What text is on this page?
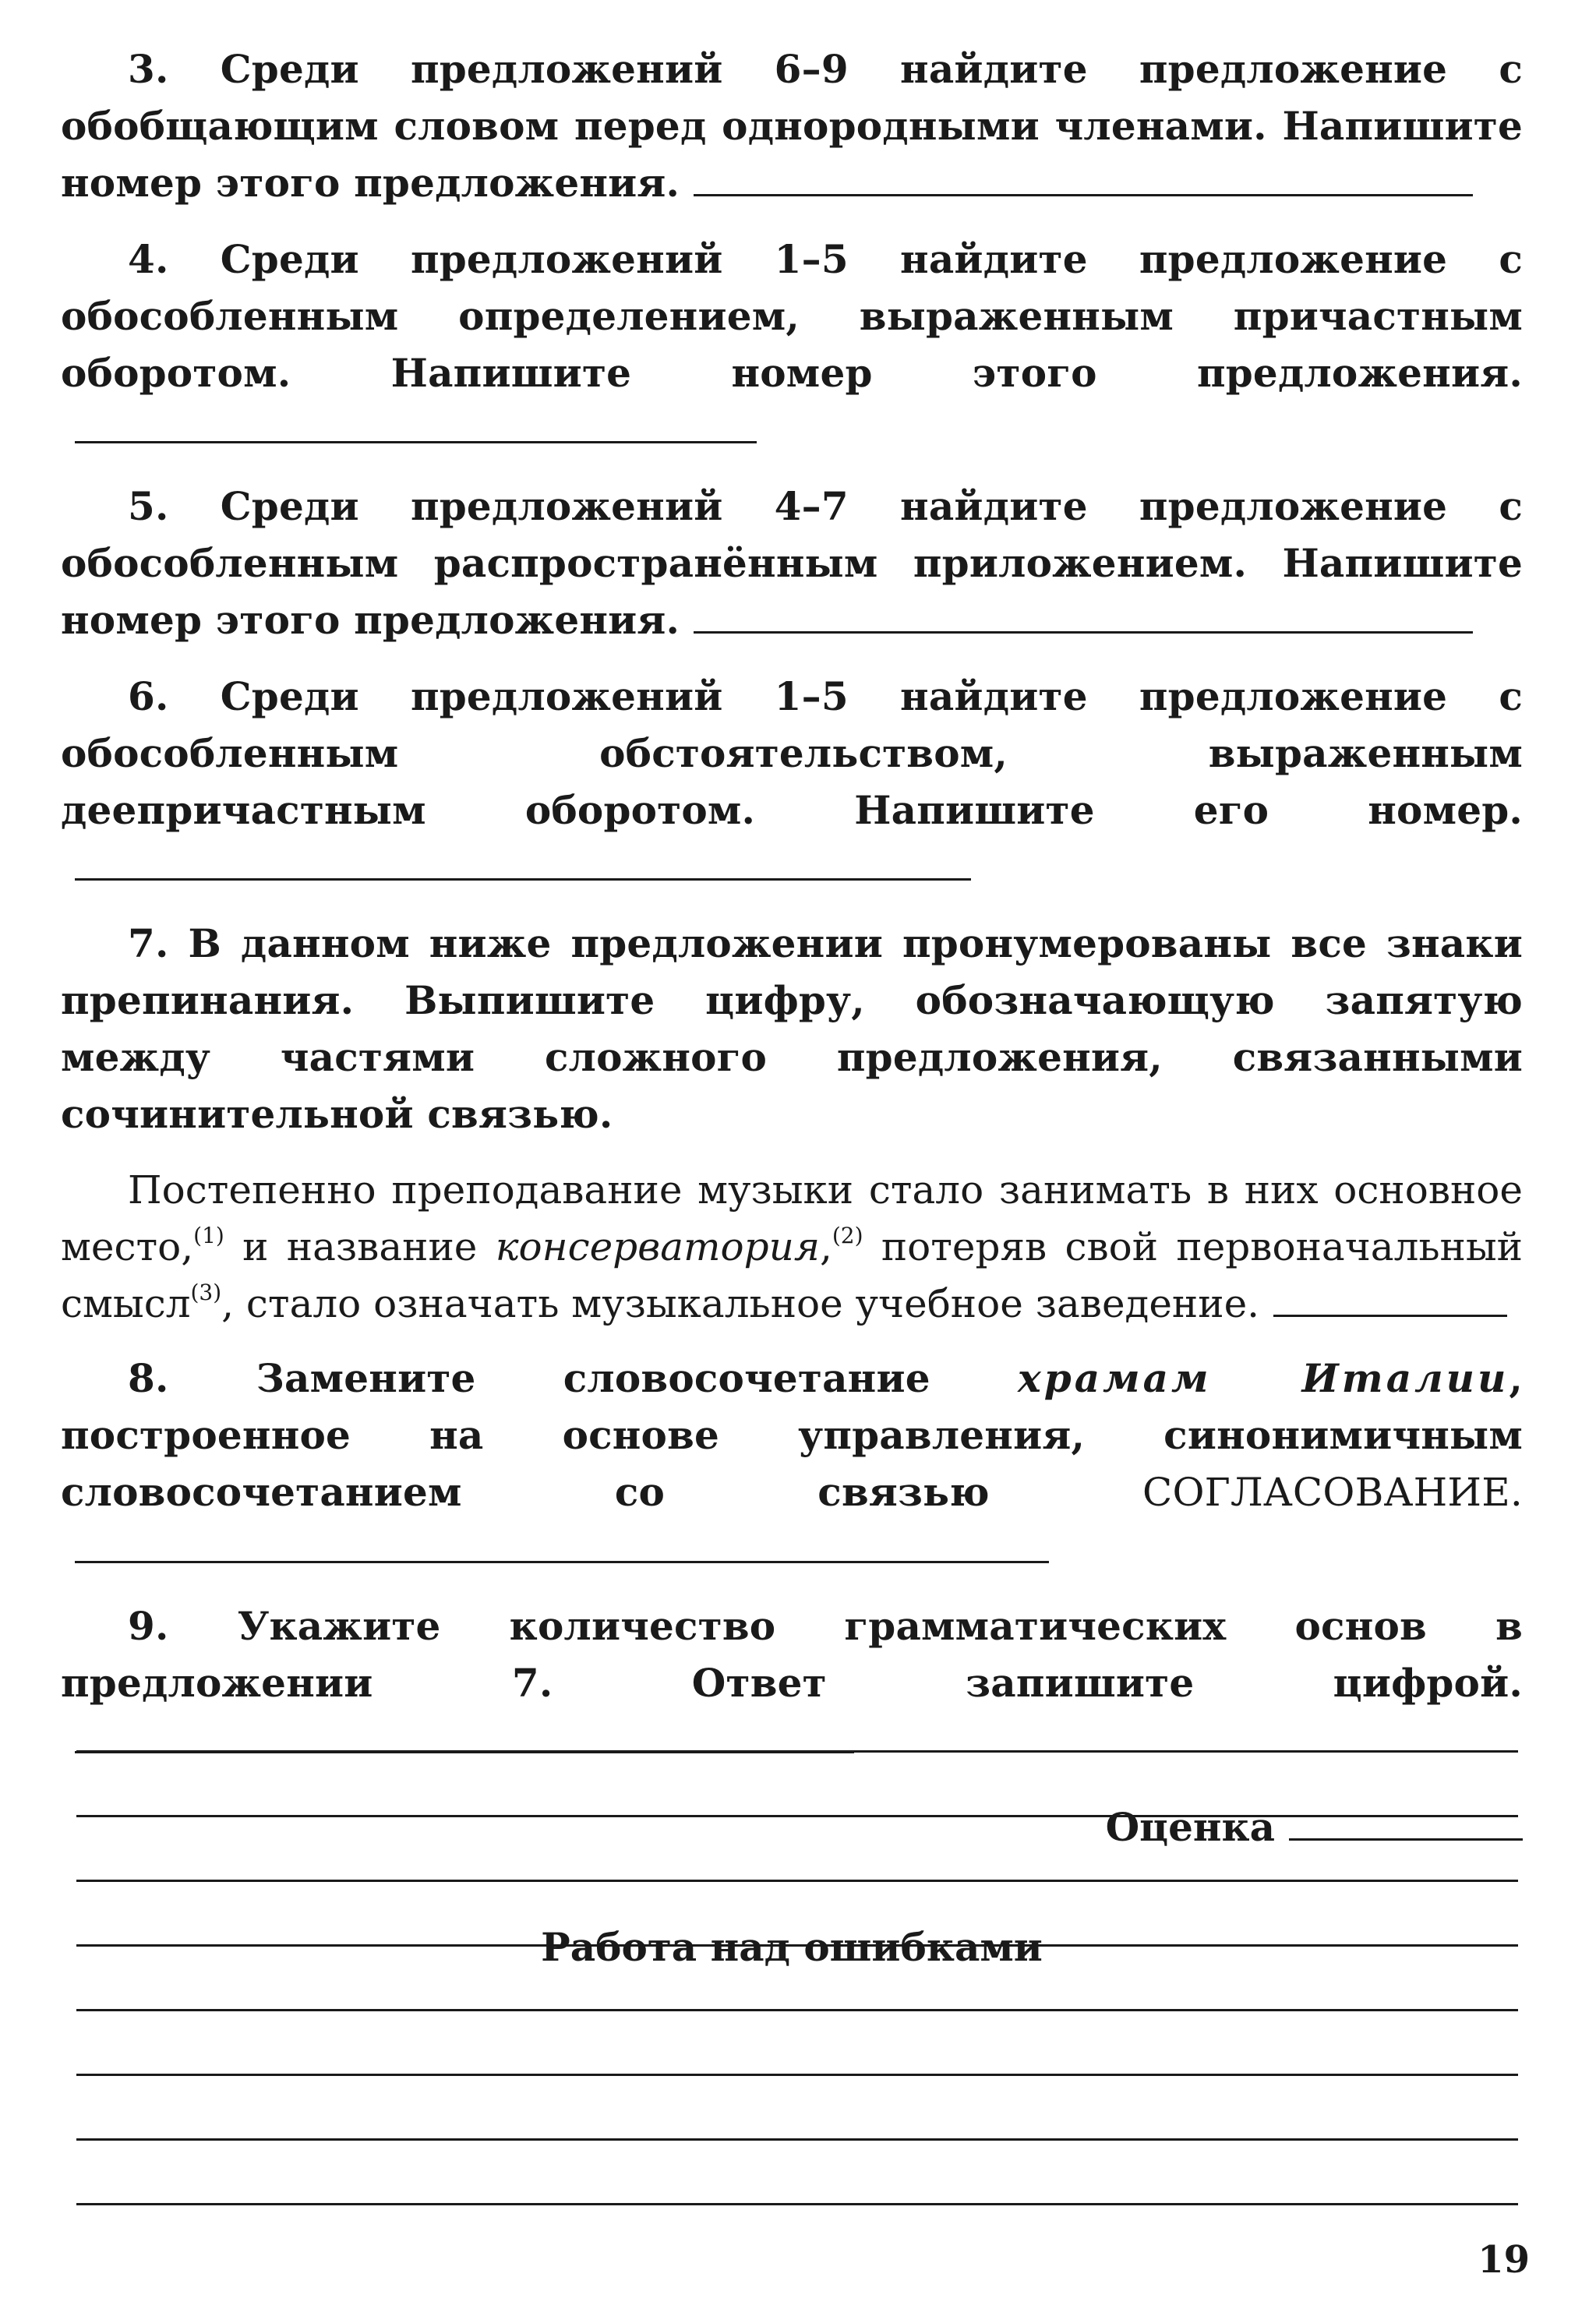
3. Среди предложений 6–9 найдите предложение с обобщающим словом перед однородными членами. Напишите номер этого предложения.

4. Среди предложений 1–5 найдите предложение с обособленным определением, выраженным причастным оборотом. Напишите номер этого предложения.

5. Среди предложений 4–7 найдите предложение с обособленным распространённым приложением. Напишите номер этого предложения.

6. Среди предложений 1–5 найдите предложение с обособленным обстоятельством, выраженным деепричастным оборотом. Напишите его номер.

7. В данном ниже предложении пронумерованы все знаки препинания. Выпишите цифру, обозначающую запятую между частями сложного предложения, связанными сочинительной связью.

Постепенно преподавание музыки стало занимать в них основное место,$^{(1)}$ и название консерватория,$^{(2)}$ потеряв свой первоначальный смысл$^{(3)}$, стало означать музыкальное учебное заведение.

8. Замените словосочетание храмам Италии, построенное на основе управления, синонимичным словосочетанием со связью СОГЛАСОВАНИЕ.

9. Укажите количество грамматических основ в предложении 7. Ответ запишите цифрой.

Оценка
Работа над ошибками
19
